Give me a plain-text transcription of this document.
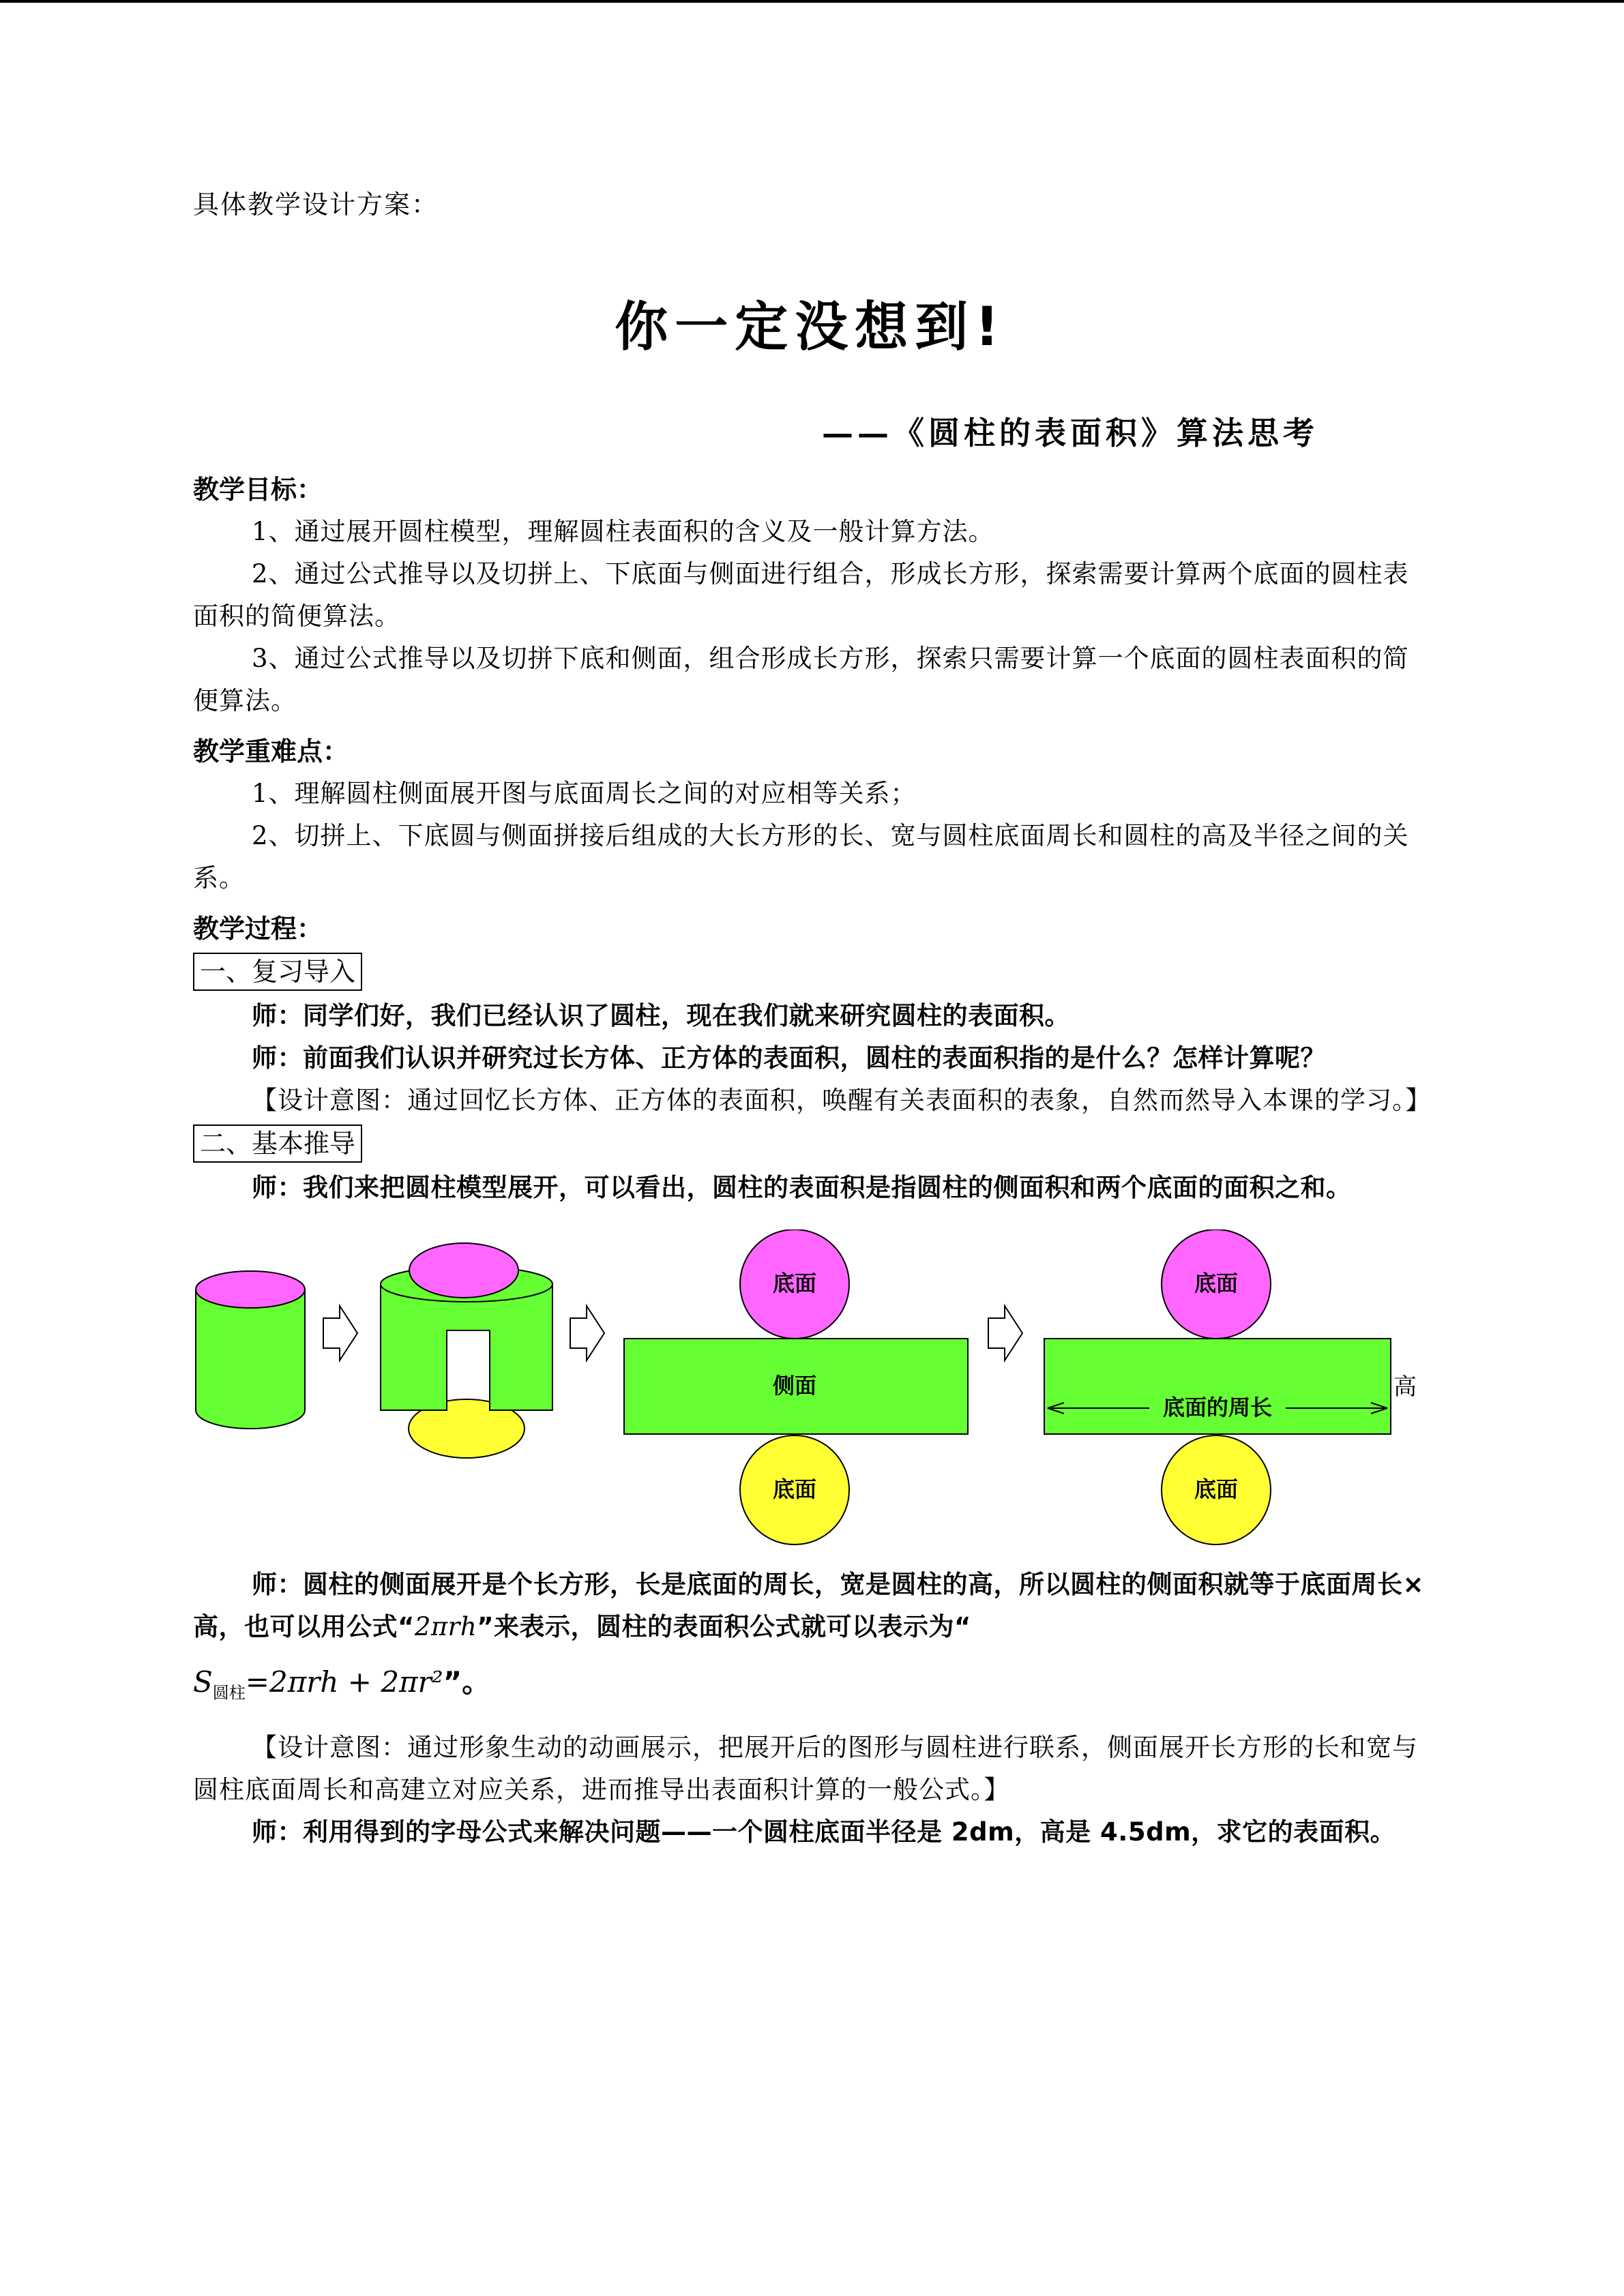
具体教学设计方案：

你一定没想到!
——《圆柱的表面积》算法思考
教学目标：

1、通过展开圆柱模型，理解圆柱表面积的含义及一般计算方法。

2、通过公式推导以及切拼上、下底面与侧面进行组合，形成长方形，探索需要计算两个底面的圆柱表面积的简便算法。

3、通过公式推导以及切拼下底和侧面，组合形成长方形，探索只需要计算一个底面的圆柱表面积的简便算法。

教学重难点：

1、理解圆柱侧面展开图与底面周长之间的对应相等关系；

2、切拼上、下底圆与侧面拼接后组成的大长方形的长、宽与圆柱底面周长和圆柱的高及半径之间的关系。

教学过程：
一、复习导入

师：同学们好，我们已经认识了圆柱，现在我们就来研究圆柱的表面积。

师：前面我们认识并研究过长方体、正方体的表面积，圆柱的表面积指的是什么？怎样计算呢？

【设计意图：通过回忆长方体、正方体的表面积，唤醒有关表面积的表象，自然而然导入本课的学习。】

二、基本推导

师：我们来把圆柱模型展开，可以看出，圆柱的表面积是指圆柱的侧面积和两个底面的面积之和。

底面
侧面
底面
底面
底面的周长
底面
高

师：圆柱的侧面展开是个长方形，长是底面的周长，宽是圆柱的高，所以圆柱的侧面积就等于底面周长×高，也可以用公式“2πrh”来表示，圆柱的表面积公式就可以表示为“

$S_{圆柱}=2\pi rh + 2\pi r^2$”。

【设计意图：通过形象生动的动画展示，把展开后的图形与圆柱进行联系，侧面展开长方形的长和宽与圆柱底面周长和高建立对应关系，进而推导出表面积计算的一般公式。】

师：利用得到的字母公式来解决问题——一个圆柱底面半径是 2dm，高是 4.5dm，求它的表面积。
